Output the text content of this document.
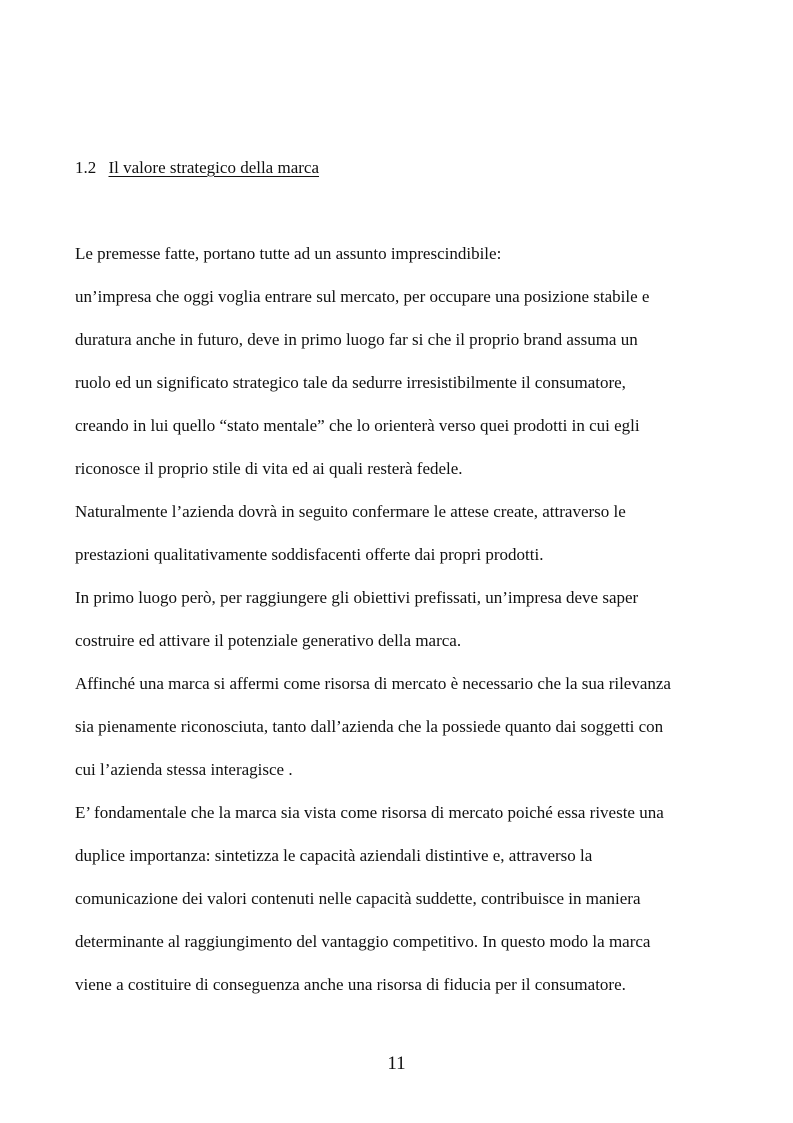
1.2 Il valore strategico della marca
Le premesse fatte, portano tutte ad un assunto imprescindibile:
un’impresa che oggi voglia entrare sul mercato, per occupare una posizione stabile e
duratura anche in futuro, deve in primo luogo far si che il proprio brand assuma un
ruolo ed un significato strategico tale da sedurre irresistibilmente il consumatore,
creando in lui quello “stato mentale” che lo orienterà verso quei prodotti in cui egli
riconosce il proprio stile di vita ed ai quali resterà fedele.
Naturalmente l’azienda dovrà in seguito confermare le attese create, attraverso le
prestazioni qualitativamente soddisfacenti offerte dai propri prodotti.
In primo luogo però, per raggiungere gli obiettivi prefissati, un’impresa deve saper
costruire ed attivare il potenziale generativo della marca.
Affinché una marca si affermi come risorsa di mercato è necessario che la sua rilevanza
sia pienamente riconosciuta, tanto dall’azienda che la possiede quanto dai soggetti con
cui l’azienda stessa interagisce .
E’ fondamentale che la marca sia vista come risorsa di mercato poiché essa riveste una
duplice importanza: sintetizza le capacità aziendali distintive e, attraverso la
comunicazione dei valori contenuti nelle capacità suddette, contribuisce in maniera
determinante al raggiungimento del vantaggio competitivo. In questo modo la marca
viene a costituire di conseguenza anche una risorsa di fiducia per il consumatore.
11
